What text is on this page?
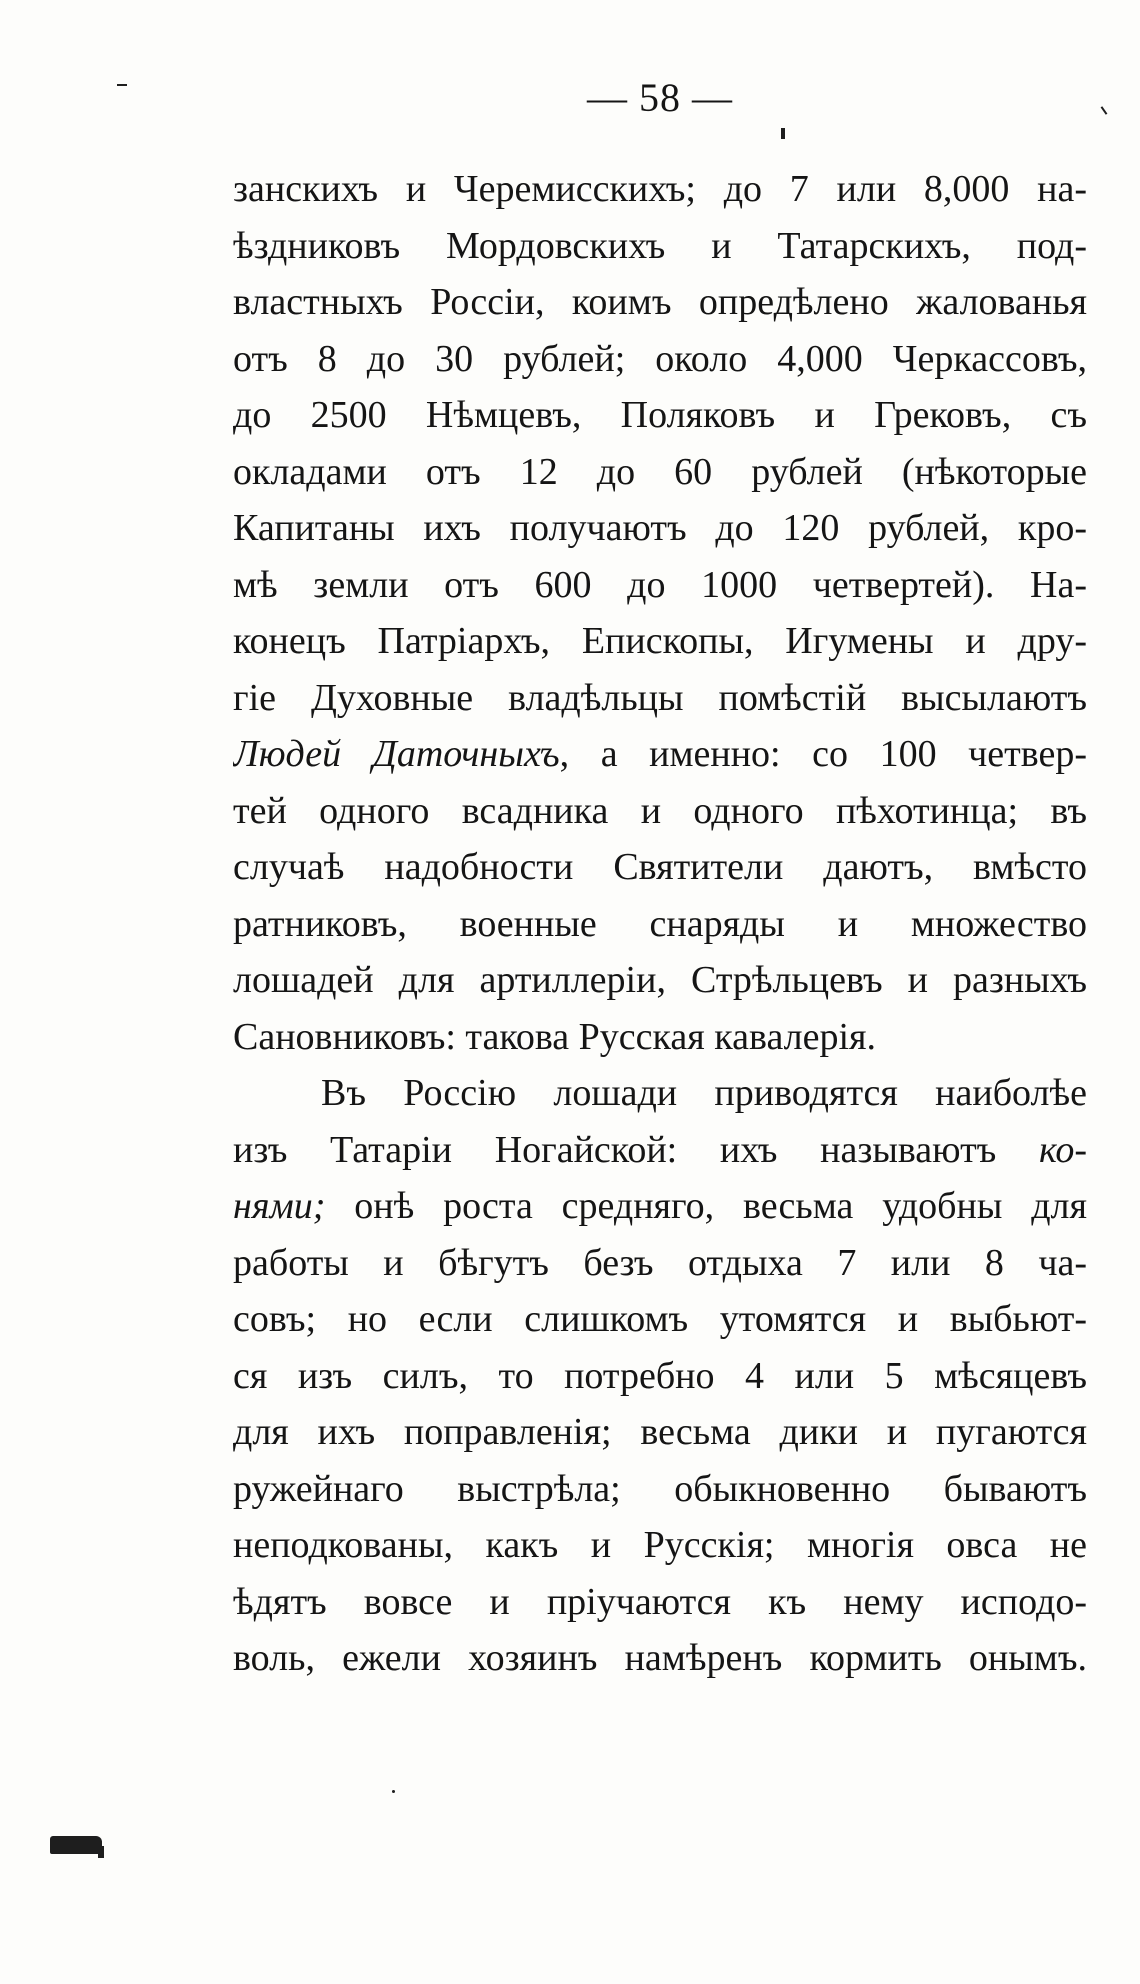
— 58 —
занскихъ и Черемисскихъ; до 7 или 8,000 на-
ѣздниковъ Мордовскихъ и Татарскихъ, под-
властныхъ Россіи, коимъ опредѣлено жалованья
отъ 8 до 30 рублей; около 4,000 Черкассовъ,
до 2500 Нѣмцевъ, Поляковъ и Грековъ, съ
окладами отъ 12 до 60 рублей (нѣкоторые
Капитаны ихъ получаютъ до 120 рублей, кро-
мѣ земли отъ 600 до 1000 четвертей). На-
конецъ Патріархъ, Епископы, Игумены и дру-
гіе Духовные владѣльцы помѣстій высылаютъ
Людей Даточныхъ, а именно: со 100 четвер-
тей одного всадника и одного пѣхотинца; въ
случаѣ надобности Святители даютъ, вмѣсто
ратниковъ, военные снаряды и множество
лошадей для артиллеріи, Стрѣльцевъ и разныхъ
Сановниковъ: такова Русская кавалерія.
Въ Россію лошади приводятся наиболѣе
изъ Татаріи Ногайской: ихъ называютъ ко-
нями; онѣ роста средняго, весьма удобны для
работы и бѣгутъ безъ отдыха 7 или 8 ча-
совъ; но если слишкомъ утомятся и выбьют-
ся изъ силъ, то потребно 4 или 5 мѣсяцевъ
для ихъ поправленія; весьма дики и пугаются
ружейнаго выстрѣла; обыкновенно бываютъ
неподкованы, какъ и Русскія; многія овса не
ѣдятъ вовсе и пріучаются къ нему исподо-
воль, ежели хозяинъ намѣренъ кормить онымъ.
